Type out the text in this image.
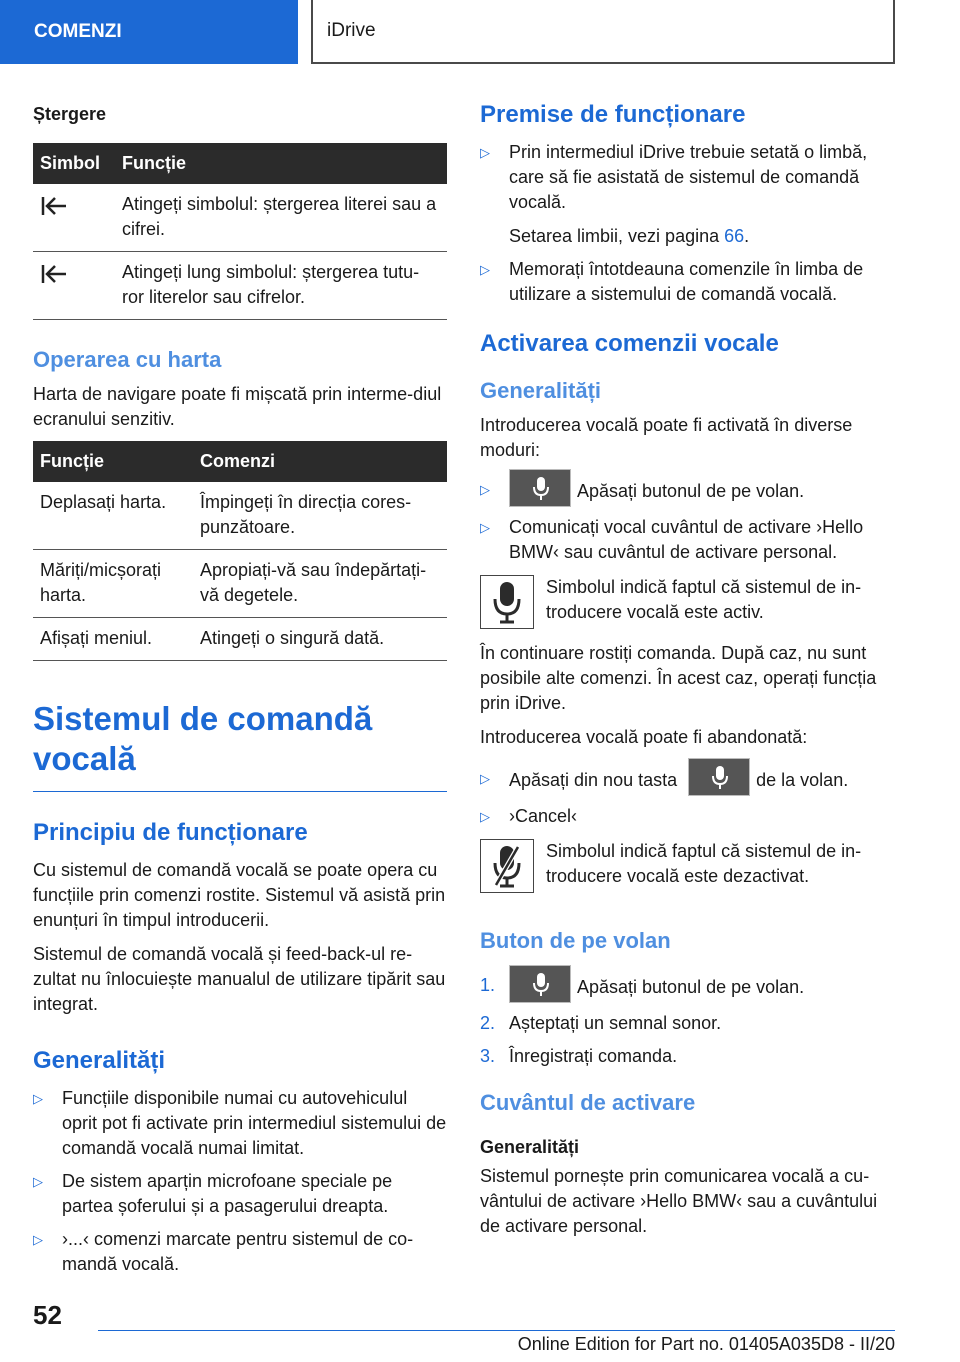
COMENZI	iDrive
Ștergere
Simbol	Funcție

	Atingeți simbolul: ștergerea literei sau a cifrei.

	Atingeți lung simbolul: ștergerea tutu-ror literelor sau cifrelor.
Operarea cu harta

Harta de navigare poate fi mișcată prin interme-diul ecranului senzitiv.

Funcție	Comenzi
Deplasați harta.	Împingeți în direcția cores-punzătoare.
Măriți/micșorați harta.	Apropiați-vă sau îndepărtați-vă degetele.
Afișați meniul.	Atingeți o singură dată.
Sistemul de comandă
vocală
Principiu de funcționare

Cu sistemul de comandă vocală se poate opera cu funcțiile prin comenzi rostite. Sistemul vă asistă prin enunțuri în timpul introducerii.

Sistemul de comandă vocală și feed-back-ul re-zultat nu înlocuiește manualul de utilizare tipărit sau integrat.

Generalități
▷ Funcțiile disponibile numai cu autovehiculul oprit pot fi activate prin intermediul sistemului de comandă vocală numai limitat.
▷ De sistem aparțin microfoane speciale pe partea șoferului și a pasagerului dreapta.
▷ ›...‹ comenzi marcate pentru sistemul de co-mandă vocală.
Premise de funcționare
▷ Prin intermediul iDrive trebuie setată o limbă, care să fie asistată de sistemul de comandă vocală.

Setarea limbii, vezi pagina 66.

▷ Memorați întotdeauna comenzile în limba de utilizare a sistemului de comandă vocală.
Activarea comenzii vocale
Generalități

Introducerea vocală poate fi activată în diverse moduri:

▷	Apăsați butonul de pe volan.
▷ Comunicați vocal cuvântul de activare ›Hello BMW‹ sau cuvântul de activare personal.

Simbolul indică faptul că sistemul de in-troducere vocală este activ.

În continuare rostiți comanda. După caz, nu sunt posibile alte comenzi. În acest caz, operați funcția prin iDrive.

Introducerea vocală poate fi abandonată:

▷ Apăsați din nou tasta	de la volan.
▷ ›Cancel‹

Simbolul indică faptul că sistemul de in-troducere vocală este dezactivat.

Buton de pe volan
1.	Apăsați butonul de pe volan.
2. Așteptați un semnal sonor.
3. Înregistrați comanda.
Cuvântul de activare
Generalități

Sistemul pornește prin comunicarea vocală a cu-vântului de activare ›Hello BMW‹ sau a cuvântului de activare personal.

52
Online Edition for Part no. 01405A035D8 - II/20
